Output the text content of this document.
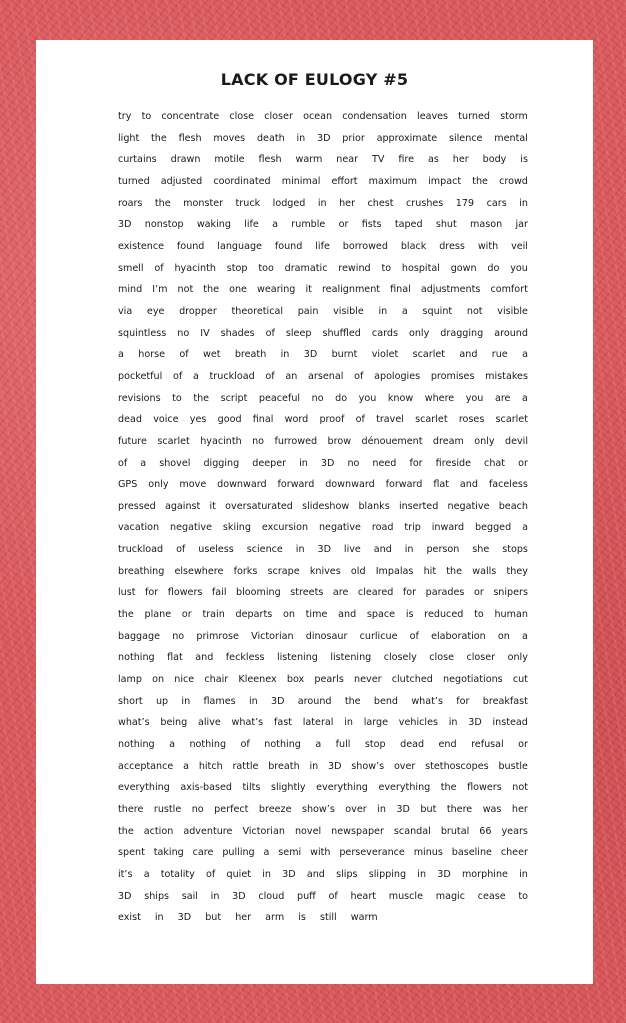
LACK OF EULOGY #5
try to concentrate close closer ocean condensation leaves turned storm
light the flesh moves death in 3D prior approximate silence mental
curtains drawn motile flesh warm near TV fire as her body is
turned adjusted coordinated minimal effort maximum impact the crowd
roars the monster truck lodged in her chest crushes 179 cars in
3D nonstop waking life a rumble or fists taped shut mason jar
existence found language found life borrowed black dress with veil
smell of hyacinth stop too dramatic rewind to hospital gown do you
mind I’m not the one wearing it realignment final adjustments comfort
via eye dropper theoretical pain visible in a squint not visible
squintless no IV shades of sleep shuffled cards only dragging around
a horse of wet breath in 3D burnt violet scarlet and rue a
pocketful of a truckload of an arsenal of apologies promises mistakes
revisions to the script peaceful no do you know where you are a
dead voice yes good final word proof of travel scarlet roses scarlet
future scarlet hyacinth no furrowed brow dénouement dream only devil
of a shovel digging deeper in 3D no need for fireside chat or
GPS only move downward forward downward forward flat and faceless
pressed against it oversaturated slideshow blanks inserted negative beach
vacation negative skiing excursion negative road trip inward begged a
truckload of useless science in 3D live and in person she stops
breathing elsewhere forks scrape knives old Impalas hit the walls they
lust for flowers fail blooming streets are cleared for parades or snipers
the plane or train departs on time and space is reduced to human
baggage no primrose Victorian dinosaur curlicue of elaboration on a
nothing flat and feckless listening listening closely close closer only
lamp on nice chair Kleenex box pearls never clutched negotiations cut
short up in flames in 3D around the bend what’s for breakfast
what’s being alive what’s fast lateral in large vehicles in 3D instead
nothing a nothing of nothing a full stop dead end refusal or
acceptance a hitch rattle breath in 3D show’s over stethoscopes bustle
everything axis-based tilts slightly everything everything the flowers not
there rustle no perfect breeze show’s over in 3D but there was her
the action adventure Victorian novel newspaper scandal brutal 66 years
spent taking care pulling a semi with perseverance minus baseline cheer
it’s a totality of quiet in 3D and slips slipping in 3D morphine in
3D ships sail in 3D cloud puff of heart muscle magic cease to
exist in 3D but her arm is still warm
